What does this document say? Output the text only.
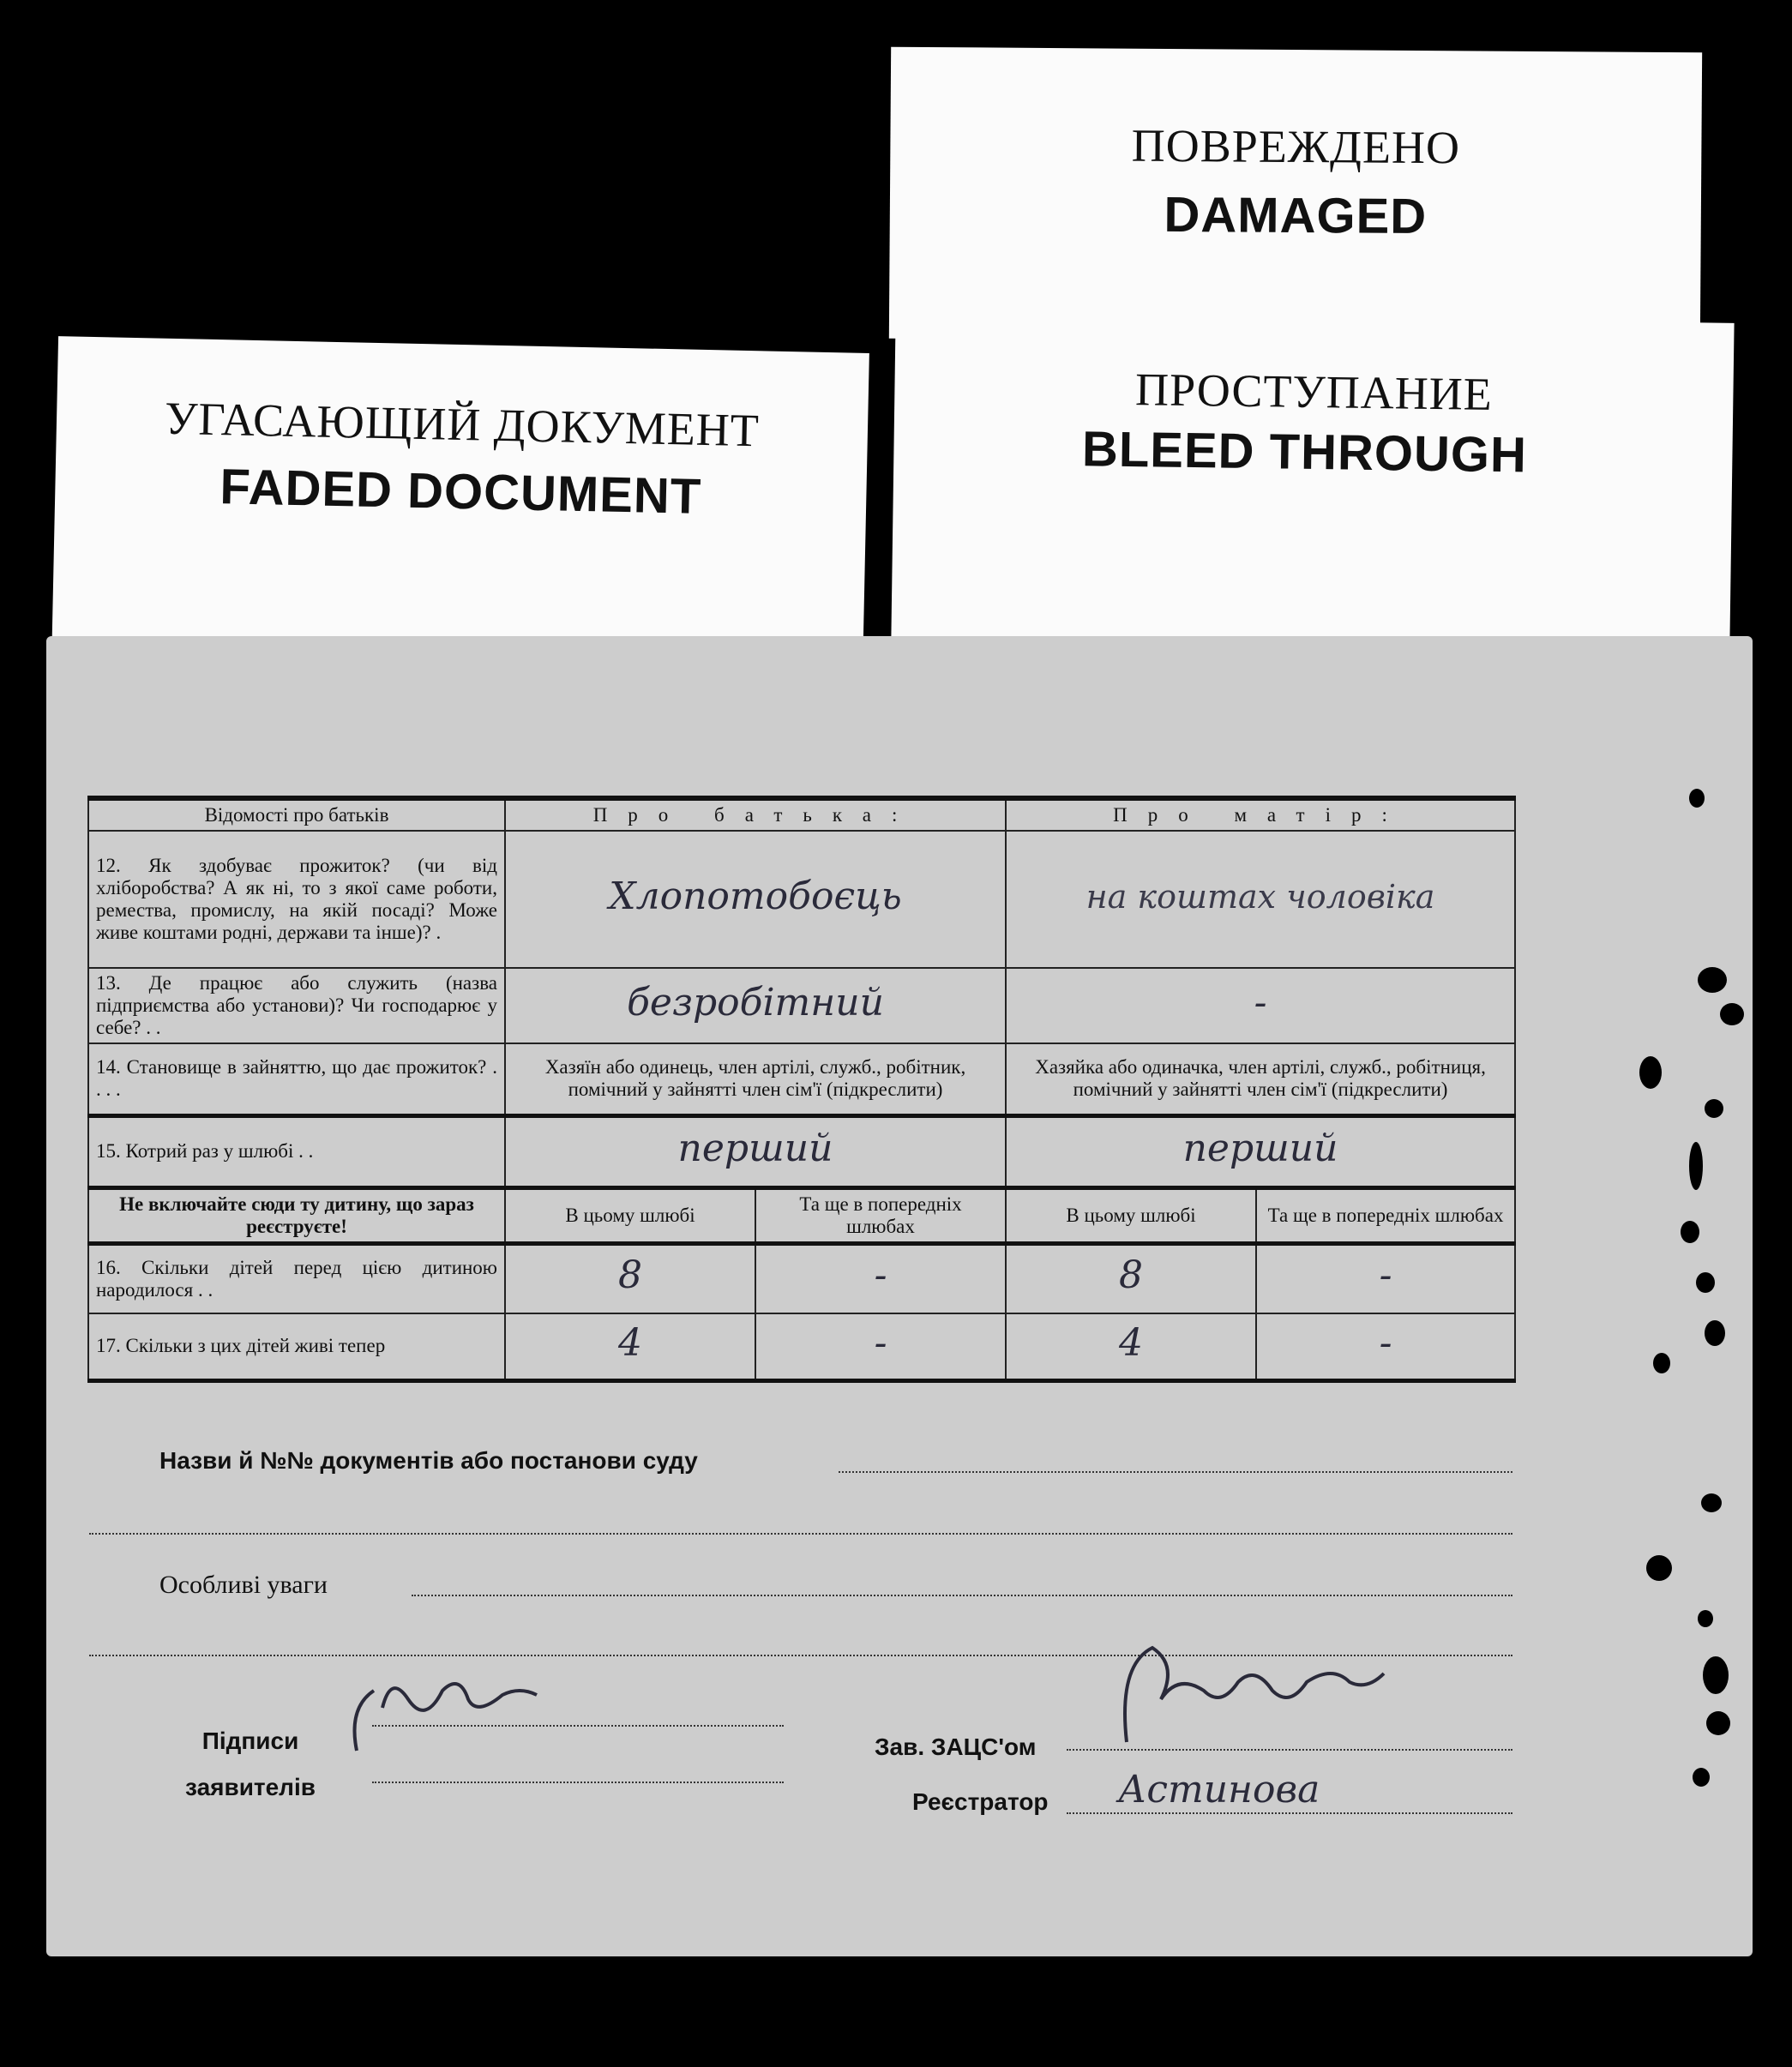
ПОВРЕЖДЕНО
DAMAGED
ПРОСТУПАНИЕ
BLEED THROUGH
УГАСАЮЩИЙ ДОКУМЕНТ
FADED DOCUMENT
Відомості про батьків	Про батька:		Про матір:	
12. Як здобуває прожиток? (чи від хліборобства? А як ні, то з якої саме роботи, ремества, промислу, на якій посаді? Може живе коштами родні, держави та інше)? .	Хлопотобоєць		на коштах чоловіка	
13. Де працює або служить (назва підприємства або установи)? Чи господарює у себе? . .	безробітний		-	
14. Становище в зайняттю, що дає прожиток? . . . .	Хазяїн або одинець, член артілі, служб., робітник, помічний у зайнятті член сім'ї (підкреслити)		Хазяйка або одиначка, член артілі, служб., робітниця, помічний у зайнятті член сім'ї (підкреслити)	
15. Котрий раз у шлюбі . .	перший		перший	
Не включайте сюди ту дитину, що зараз реєструєте!	В цьому шлюбі	Та ще в попередніх шлюбах	В цьому шлюбі	Та ще в попередніх шлюбах
16. Скільки дітей перед цією дитиною народилося . .	8	-	8	-
17. Скільки з цих дітей живі тепер	4	-	4	-
Назви й №№ документів або постанови суду
Особливі уваги
Підписи заявителів
Зав. ЗАЦС'ом
Реєстратор Астинова
